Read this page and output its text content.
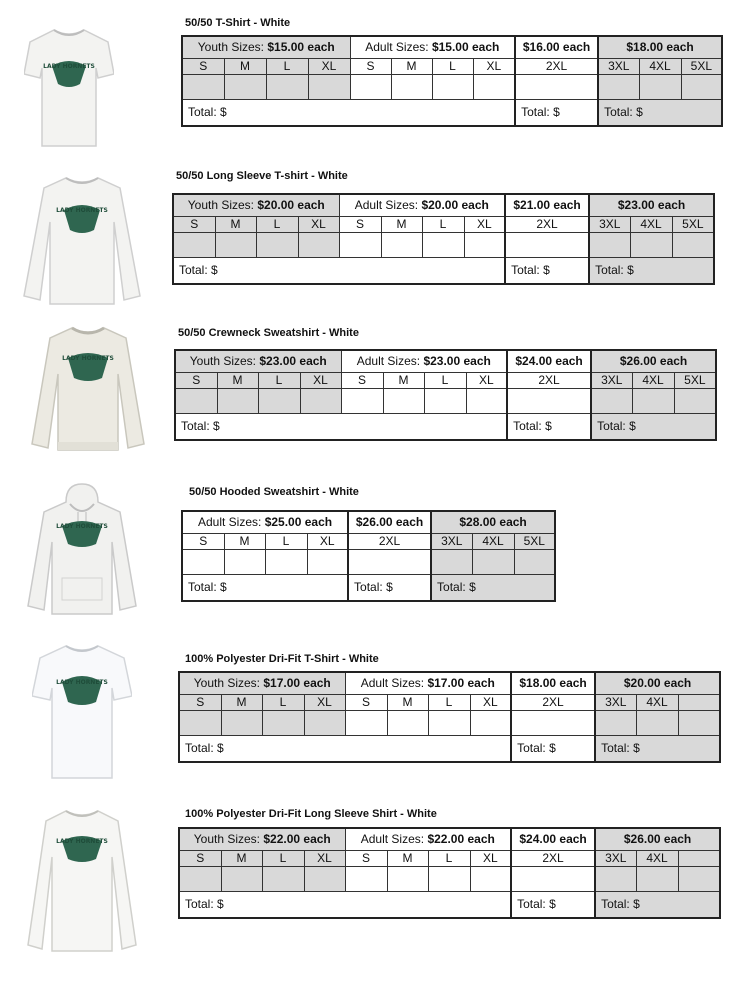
LADY HORNETS
50/50 T-Shirt - White
Youth Sizes: $15.00 each				Adult Sizes: $15.00 each				$16.00 each	$18.00 each		
S	M	L	XL	S	M	L	XL	2XL	3XL	4XL	5XL

Total: $								Total: $	Total: $		
LADY HORNETS
50/50 Long Sleeve T-shirt - White
Youth Sizes: $20.00 each				Adult Sizes: $20.00 each				$21.00 each	$23.00 each		
S	M	L	XL	S	M	L	XL	2XL	3XL	4XL	5XL

Total: $								Total: $	Total: $		
LADY HORNETS
50/50 Crewneck Sweatshirt - White
Youth Sizes: $23.00 each				Adult Sizes: $23.00 each				$24.00 each	$26.00 each		
S	M	L	XL	S	M	L	XL	2XL	3XL	4XL	5XL

Total: $								Total: $	Total: $		
LADY HORNETS
50/50 Hooded Sweatshirt - White
Adult Sizes: $25.00 each				$26.00 each	$28.00 each		
S	M	L	XL	2XL	3XL	4XL	5XL

Total: $				Total: $	Total: $		
LADY HORNETS
100% Polyester Dri-Fit T-Shirt - White
Youth Sizes: $17.00 each				Adult Sizes: $17.00 each				$18.00 each	$20.00 each		
S	M	L	XL	S	M	L	XL	2XL	3XL	4XL	

Total: $								Total: $	Total: $		
LADY HORNETS
100% Polyester Dri-Fit Long Sleeve Shirt - White
Youth Sizes: $22.00 each				Adult Sizes: $22.00 each				$24.00 each	$26.00 each		
S	M	L	XL	S	M	L	XL	2XL	3XL	4XL	

Total: $								Total: $	Total: $		
